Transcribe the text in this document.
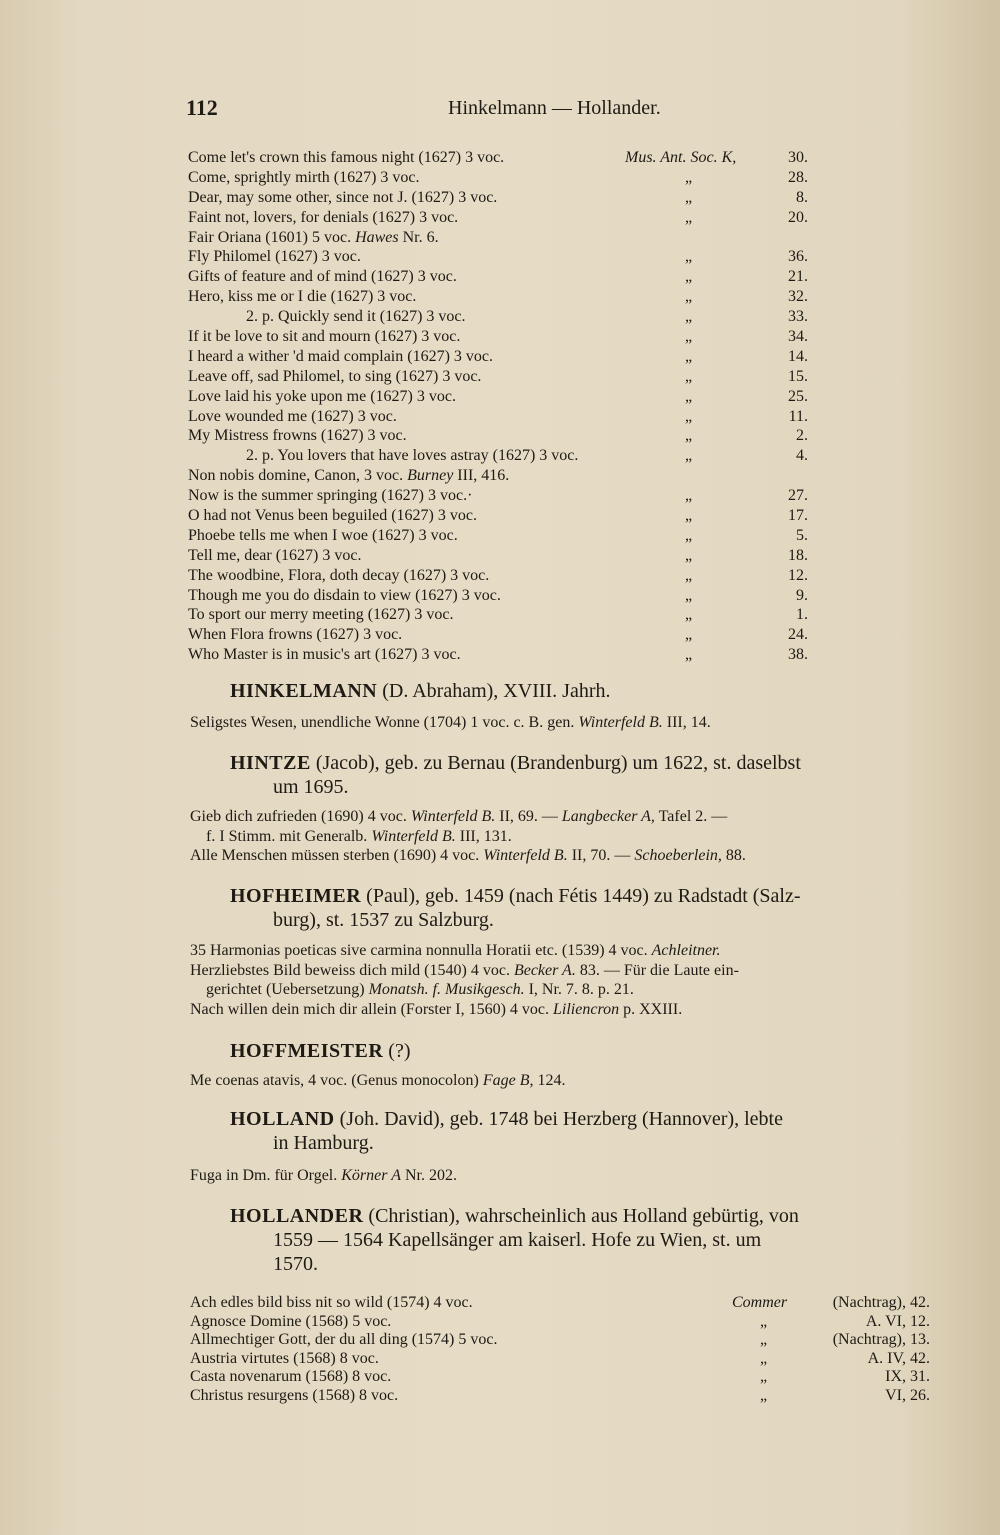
112	Hinkelmann — Hollander.
Come let's crown this famous night (1627) 3 voc.	Mus. Ant. Soc. K,	30.
Come, sprightly mirth (1627) 3 voc.	„	28.
Dear, may some other, since not J. (1627) 3 voc.	„	8.
Faint not, lovers, for denials (1627) 3 voc.	„	20.
Fair Oriana (1601) 5 voc. Hawes Nr. 6.
Fly Philomel (1627) 3 voc.	„	36.
Gifts of feature and of mind (1627) 3 voc.	„	21.
Hero, kiss me or I die (1627) 3 voc.	„	32.
2. p. Quickly send it (1627) 3 voc.	„	33.
If it be love to sit and mourn (1627) 3 voc.	„	34.
I heard a wither 'd maid complain (1627) 3 voc.	„	14.
Leave off, sad Philomel, to sing (1627) 3 voc.	„	15.
Love laid his yoke upon me (1627) 3 voc.	„	25.
Love wounded me (1627) 3 voc.	„	11.
My Mistress frowns (1627) 3 voc.	„	2.
2. p. You lovers that have loves astray (1627) 3 voc.	„	4.
Non nobis domine, Canon, 3 voc. Burney III, 416.
Now is the summer springing (1627) 3 voc.·	„	27.
O had not Venus been beguiled (1627) 3 voc.	„	17.
Phoebe tells me when I woe (1627) 3 voc.	„	5.
Tell me, dear (1627) 3 voc.	„	18.
The woodbine, Flora, doth decay (1627) 3 voc.	„	12.
Though me you do disdain to view (1627) 3 voc.	„	9.
To sport our merry meeting (1627) 3 voc.	„	1.
When Flora frowns (1627) 3 voc.	„	24.
Who Master is in music's art (1627) 3 voc.	„	38.
HINKELMANN (D. Abraham), XVIII. Jahrh.
Seligstes Wesen, unendliche Wonne (1704) 1 voc. c. B. gen. Winterfeld B. III, 14.
HINTZE (Jacob), geb. zu Bernau (Brandenburg) um 1622, st. daselbst
um 1695.
Gieb dich zufrieden (1690) 4 voc. Winterfeld B. II, 69. — Langbecker A, Tafel 2. —
f. I Stimm. mit Generalb. Winterfeld B. III, 131.
Alle Menschen müssen sterben (1690) 4 voc. Winterfeld B. II, 70. — Schoeberlein, 88.
HOFHEIMER (Paul), geb. 1459 (nach Fétis 1449) zu Radstadt (Salz-
burg), st. 1537 zu Salzburg.
35 Harmonias poeticas sive carmina nonnulla Horatii etc. (1539) 4 voc. Achleitner.
Herzliebstes Bild beweiss dich mild (1540) 4 voc. Becker A. 83. — Für die Laute ein-
gerichtet (Uebersetzung) Monatsh. f. Musikgesch. I, Nr. 7. 8. p. 21.
Nach willen dein mich dir allein (Forster I, 1560) 4 voc. Liliencron p. XXIII.
HOFFMEISTER (?)
Me coenas atavis, 4 voc. (Genus monocolon) Fage B, 124.
HOLLAND (Joh. David), geb. 1748 bei Herzberg (Hannover), lebte
in Hamburg.
Fuga in Dm. für Orgel. Körner A Nr. 202.
HOLLANDER (Christian), wahrscheinlich aus Holland gebürtig, von
1559 — 1564 Kapellsänger am kaiserl. Hofe zu Wien, st. um
1570.
Ach edles bild biss nit so wild (1574) 4 voc.	Commer	(Nachtrag), 42.
Agnosce Domine (1568) 5 voc.	„	A. VI, 12.
Allmechtiger Gott, der du all ding (1574) 5 voc.	„	(Nachtrag), 13.
Austria virtutes (1568) 8 voc.	„	A. IV, 42.
Casta novenarum (1568) 8 voc.	„	IX, 31.
Christus resurgens (1568) 8 voc.	„	VI, 26.
